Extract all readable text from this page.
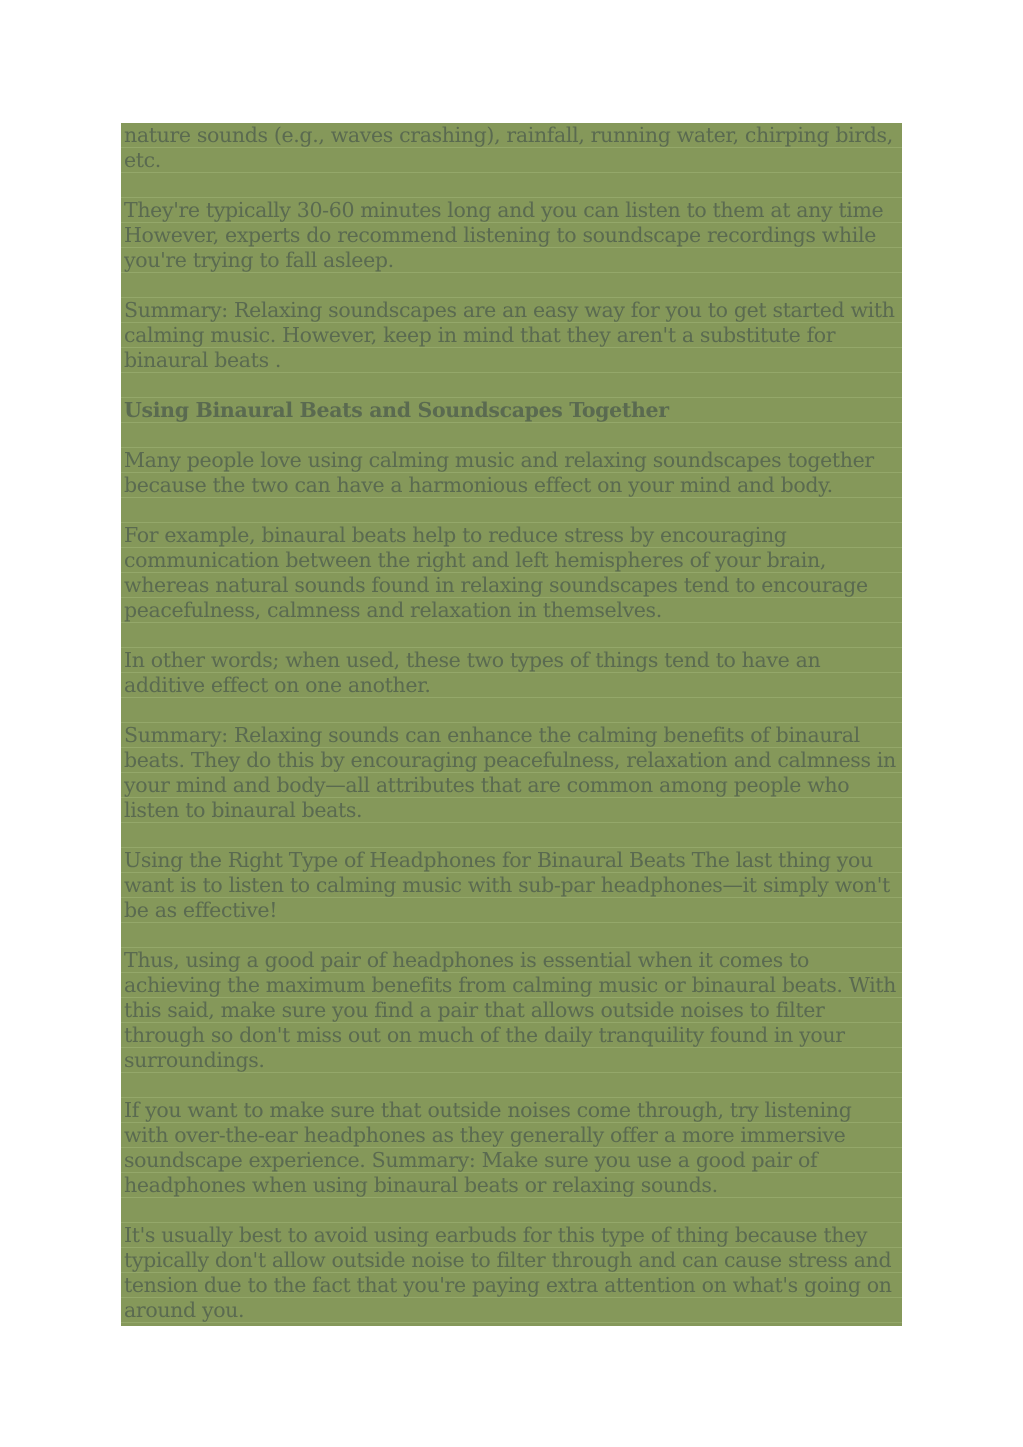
nature sounds (e.g., waves crashing), rainfall, running water, chirping birds, etc.

They're typically 30-60 minutes long and you can listen to them at any time However, experts do recommend listening to soundscape recordings while you're trying to fall asleep.

Summary: Relaxing soundscapes are an easy way for you to get started with calming music. However, keep in mind that they aren't a substitute for binaural beats .

Using Binaural Beats and Soundscapes Together

Many people love using calming music and relaxing soundscapes together because the two can have a harmonious effect on your mind and body.

For example, binaural beats help to reduce stress by encouraging communication between the right and left hemispheres of your brain, whereas natural sounds found in relaxing soundscapes tend to encourage peacefulness, calmness and relaxation in themselves.

In other words; when used, these two types of things tend to have an additive effect on one another.

Summary: Relaxing sounds can enhance the calming benefits of binaural beats. They do this by encouraging peacefulness, relaxation and calmness in your mind and body—all attributes that are common among people who listen to binaural beats.

Using the Right Type of Headphones for Binaural Beats The last thing you want is to listen to calming music with sub-par headphones—it simply won't be as effective!

Thus, using a good pair of headphones is essential when it comes to achieving the maximum benefits from calming music or binaural beats. With this said, make sure you find a pair that allows outside noises to filter through so don't miss out on much of the daily tranquility found in your surroundings.

If you want to make sure that outside noises come through, try listening with over-the-ear headphones as they generally offer a more immersive soundscape experience. Summary: Make sure you use a good pair of headphones when using binaural beats or relaxing sounds.

It's usually best to avoid using earbuds for this type of thing because they typically don't allow outside noise to filter through and can cause stress and tension due to the fact that you're paying extra attention on what's going on around you.
